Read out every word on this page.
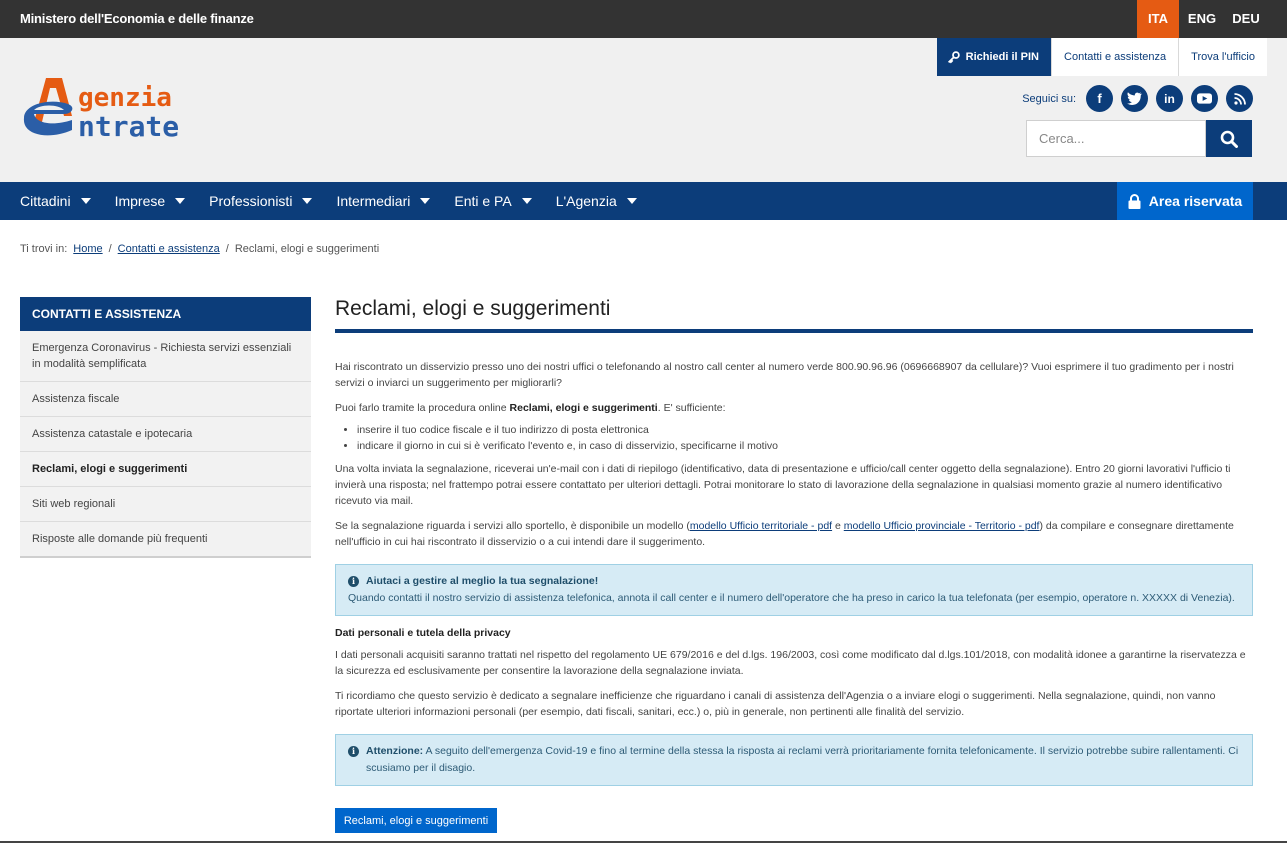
Ministero dell'Economia e delle finanze	ITA	ENG	DEU
genzia
ntrate
Richiedi il PIN	Contatti e assistenza	Trova l'ufficio
Seguici su:	f	in
Cerca...
Cittadini	Imprese	Professionisti	Intermediari	Enti e PA	L'Agenzia	Area riservata
Ti trovi in: Home / Contatti e assistenza / Reclami, elogi e suggerimenti
CONTATTI E ASSISTENZA
Emergenza Coronavirus - Richiesta servizi essenziali in modalità semplificata
Assistenza fiscale
Assistenza catastale e ipotecaria
Reclami, elogi e suggerimenti
Siti web regionali
Risposte alle domande più frequenti
Reclami, elogi e suggerimenti

Hai riscontrato un disservizio presso uno dei nostri uffici o telefonando al nostro call center al numero verde 800.90.96.96 (0696668907 da cellulare)? Vuoi esprimere il tuo gradimento per i nostri servizi o inviarci un suggerimento per migliorarli?

Puoi farlo tramite la procedura online Reclami, elogi e suggerimenti. E' sufficiente:

• inserire il tuo codice fiscale e il tuo indirizzo di posta elettronica
• indicare il giorno in cui si è verificato l'evento e, in caso di disservizio, specificarne il motivo

Una volta inviata la segnalazione, riceverai un'e-mail con i dati di riepilogo (identificativo, data di presentazione e ufficio/call center oggetto della segnalazione). Entro 20 giorni lavorativi l'ufficio ti invierà una risposta; nel frattempo potrai essere contattato per ulteriori dettagli. Potrai monitorare lo stato di lavorazione della segnalazione in qualsiasi momento grazie al numero identificativo ricevuto via mail.

Se la segnalazione riguarda i servizi allo sportello, è disponibile un modello (modello Ufficio territoriale - pdf e modello Ufficio provinciale - Territorio - pdf) da compilare e consegnare direttamente nell'ufficio in cui hai riscontrato il disservizio o a cui intendi dare il suggerimento.

i	Aiutaci a gestire al meglio la tua segnalazione!
Quando contatti il nostro servizio di assistenza telefonica, annota il call center e il numero dell'operatore che ha preso in carico la tua telefonata (per esempio, operatore n. XXXXX di Venezia).
Dati personali e tutela della privacy

I dati personali acquisiti saranno trattati nel rispetto del regolamento UE 679/2016 e del d.lgs. 196/2003, così come modificato dal d.lgs.101/2018, con modalità idonee a garantirne la riservatezza e la sicurezza ed esclusivamente per consentire la lavorazione della segnalazione inviata.

Ti ricordiamo che questo servizio è dedicato a segnalare inefficienze che riguardano i canali di assistenza dell'Agenzia o a inviare elogi o suggerimenti. Nella segnalazione, quindi, non vanno riportate ulteriori informazioni personali (per esempio, dati fiscali, sanitari, ecc.) o, più in generale, non pertinenti alle finalità del servizio.

i	Attenzione: A seguito dell'emergenza Covid-19 e fino al termine della stessa la risposta ai reclami verrà prioritariamente fornita telefonicamente. Il servizio potrebbe subire rallentamenti. Ci scusiamo per il disagio.
Reclami, elogi e suggerimenti
